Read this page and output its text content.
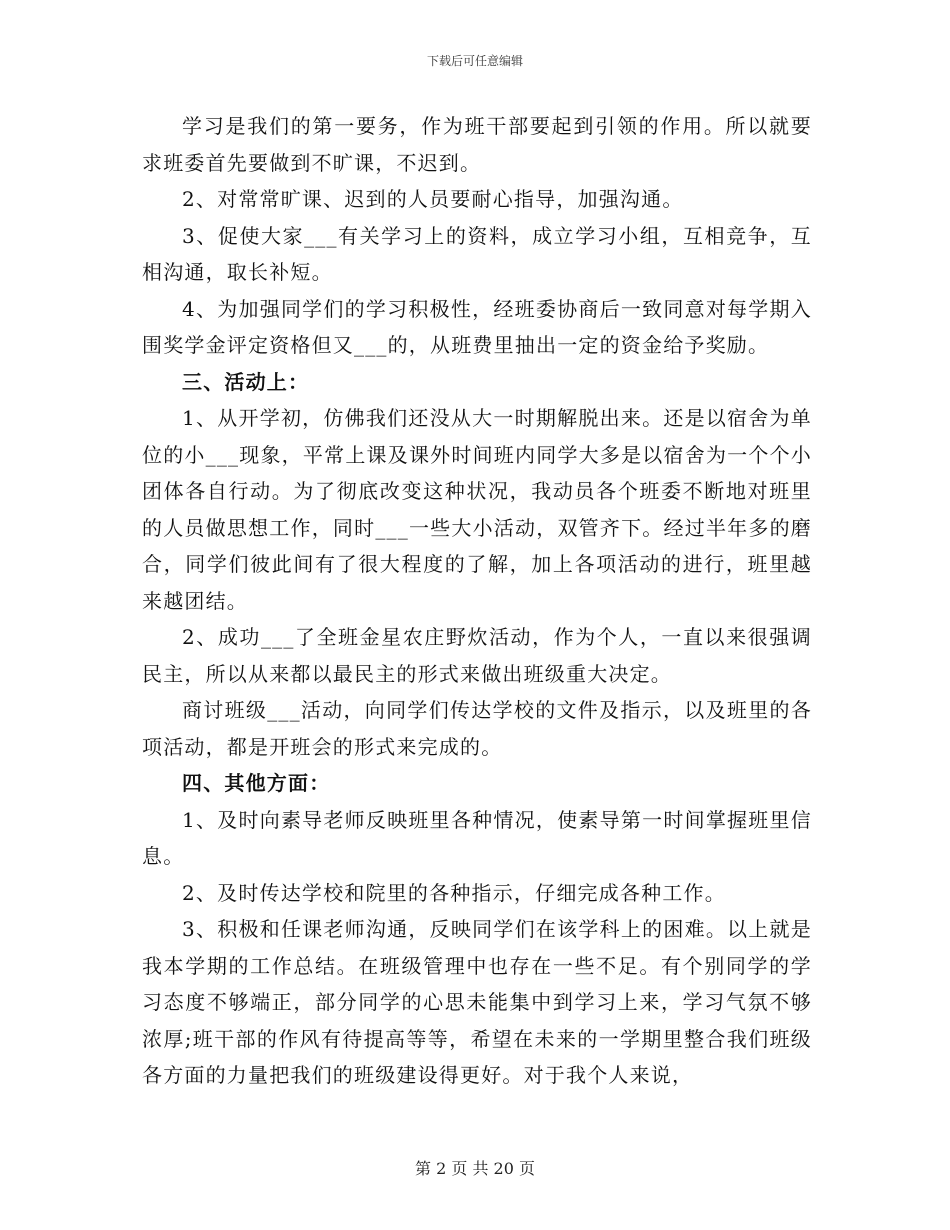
下载后可任意编辑

学习是我们的第一要务，作为班干部要起到引领的作用。所以就要求班委首先要做到不旷课，不迟到。

2、对常常旷课、迟到的人员要耐心指导，加强沟通。

3、促使大家___有关学习上的资料，成立学习小组，互相竞争，互相沟通，取长补短。

4、为加强同学们的学习积极性，经班委协商后一致同意对每学期入围奖学金评定资格但又___的，从班费里抽出一定的资金给予奖励。

三、活动上：

1、从开学初，仿佛我们还没从大一时期解脱出来。还是以宿舍为单位的小___现象，平常上课及课外时间班内同学大多是以宿舍为一个个小团体各自行动。为了彻底改变这种状况，我动员各个班委不断地对班里的人员做思想工作，同时___一些大小活动，双管齐下。经过半年多的磨合，同学们彼此间有了很大程度的了解，加上各项活动的进行，班里越来越团结。

2、成功___了全班金星农庄野炊活动，作为个人，一直以来很强调民主，所以从来都以最民主的形式来做出班级重大决定。

商讨班级___活动，向同学们传达学校的文件及指示，以及班里的各项活动，都是开班会的形式来完成的。

四、其他方面：

1、及时向素导老师反映班里各种情况，使素导第一时间掌握班里信息。

2、及时传达学校和院里的各种指示，仔细完成各种工作。

3、积极和任课老师沟通，反映同学们在该学科上的困难。以上就是我本学期的工作总结。在班级管理中也存在一些不足。有个别同学的学习态度不够端正，部分同学的心思未能集中到学习上来，学习气氛不够浓厚;班干部的作风有待提高等等，希望在未来的一学期里整合我们班级各方面的力量把我们的班级建设得更好。对于我个人来说，

第 2 页 共 20 页
